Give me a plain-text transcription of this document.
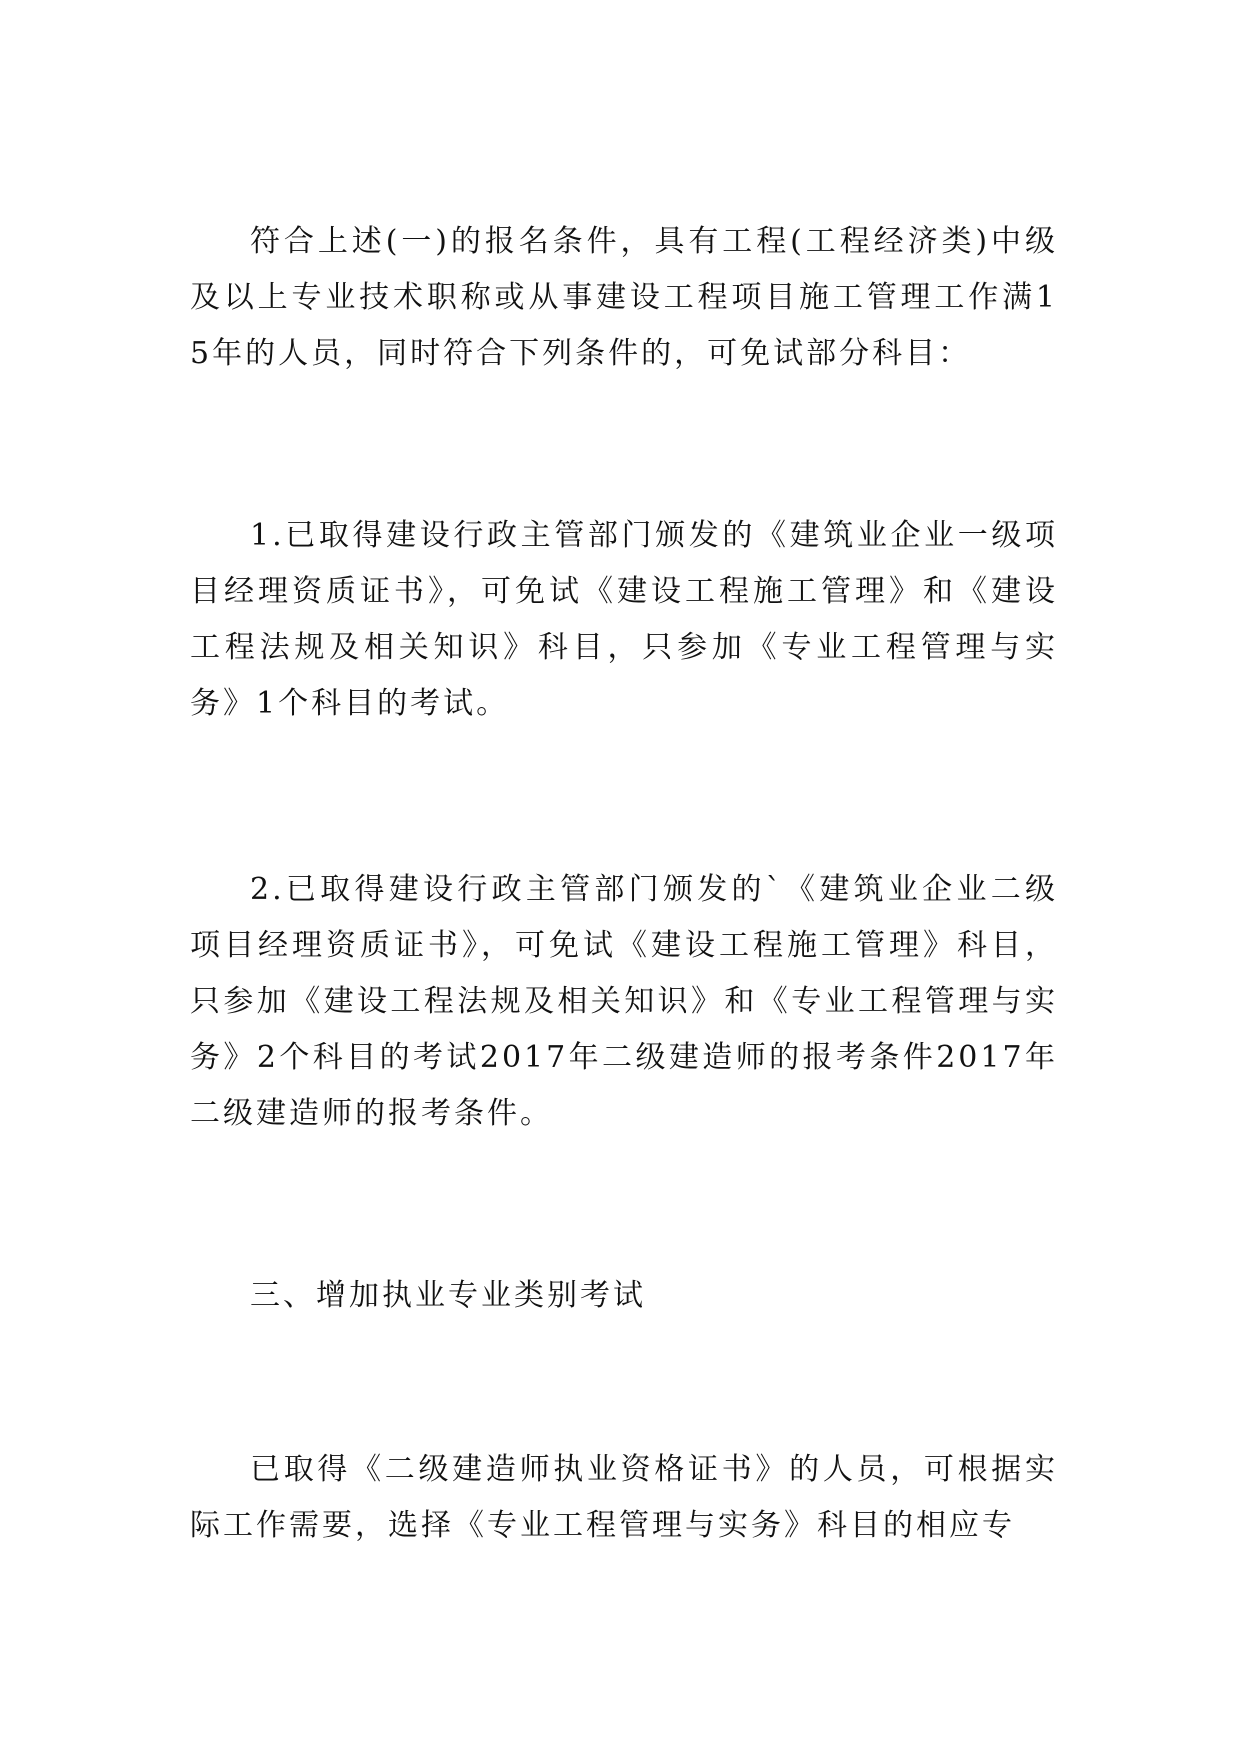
符合上述(一)的报名条件，具有工程(工程经济类)中级及以上专业技术职称或从事建设工程项目施工管理工作满15年的人员，同时符合下列条件的，可免试部分科目：

1.已取得建设行政主管部门颁发的《建筑业企业一级项目经理资质证书》，可免试《建设工程施工管理》和《建设工程法规及相关知识》科目，只参加《专业工程管理与实务》1个科目的考试。

2.已取得建设行政主管部门颁发的`《建筑业企业二级项目经理资质证书》，可免试《建设工程施工管理》科目，只参加《建设工程法规及相关知识》和《专业工程管理与实务》2个科目的考试2017年二级建造师的报考条件2017年二级建造师的报考条件。

三、增加执业专业类别考试

已取得《二级建造师执业资格证书》的人员，可根据实际工作需要，选择《专业工程管理与实务》科目的相应专
